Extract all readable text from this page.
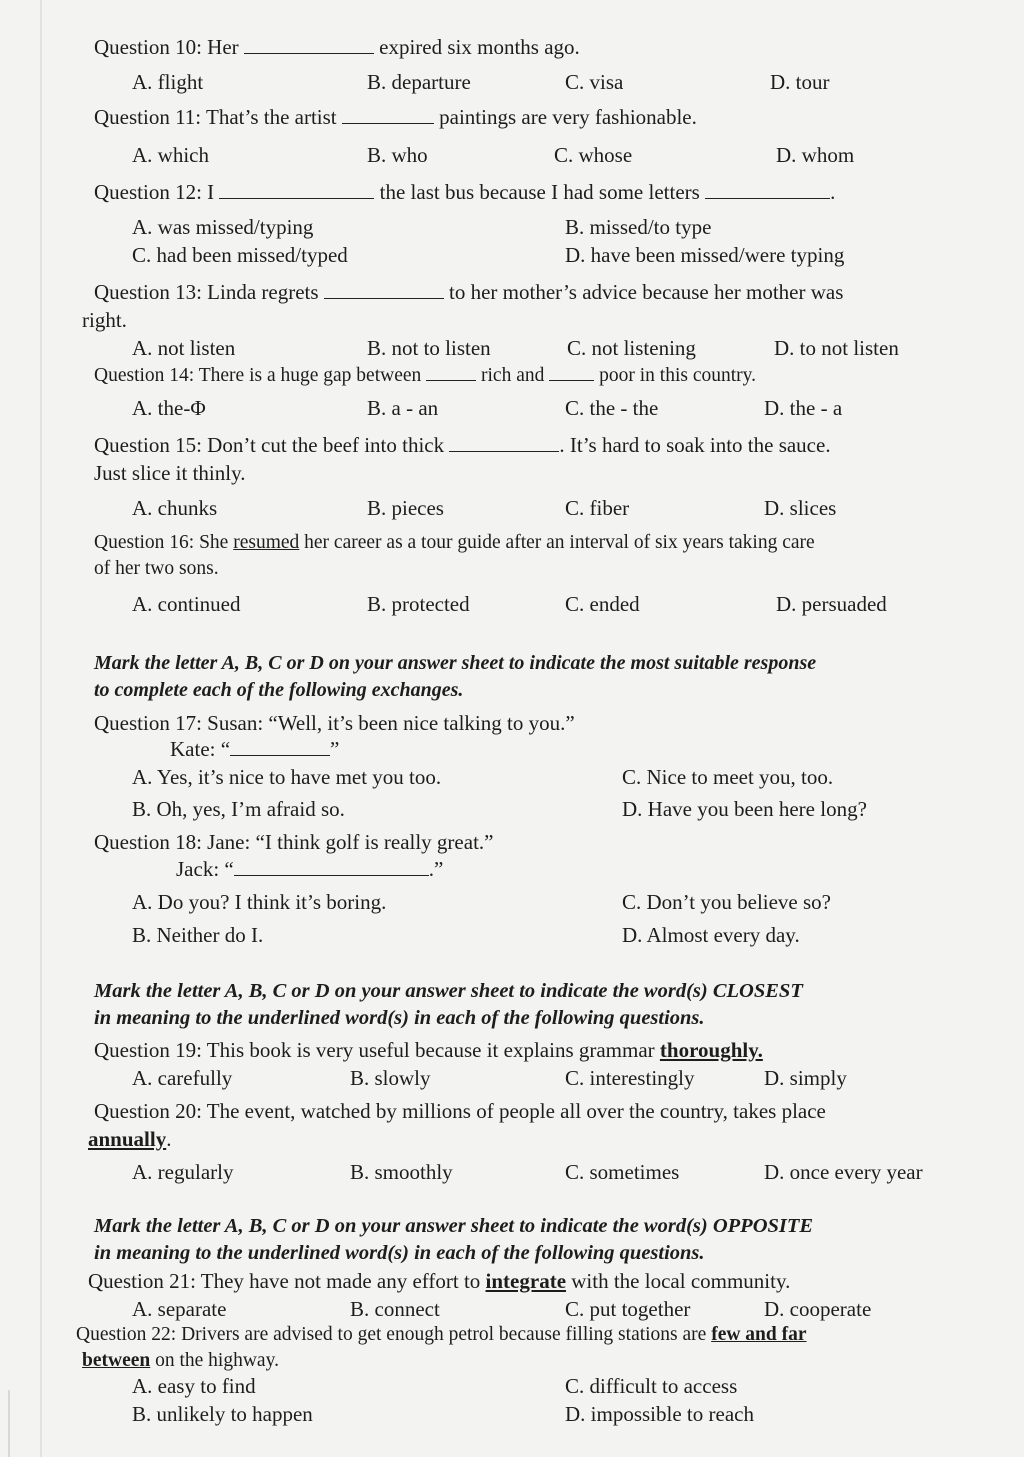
Question 10: Her	expired six months ago.
A. flight	B. departure	C. visa	D. tour
Question 11: That’s the artist	paintings are very fashionable.
A. which	B. who	C. whose	D. whom
Question 12: I	the last bus because I had some letters	.
A. was missed/typing	B. missed/to type
C. had been missed/typed	D. have been missed/were typing
Question 13: Linda regrets	to her mother’s advice because her mother was
right.
A. not listen	B. not to listen	C. not listening	D. to not listen
Question 14: There is a huge gap between	rich and  poor in this country.
A. the-Φ	B. a - an	C. the - the	D. the - a
Question 15: Don’t cut the beef into thick	. It’s hard to soak into the sauce.
Just slice it thinly.
A. chunks	B. pieces	C. fiber	D. slices
Question 16: She resumed her career as a tour guide after an interval of six years taking care
of her two sons.
A. continued	B. protected	C. ended	D. persuaded
Mark the letter A, B, C or D on your answer sheet to indicate the most suitable response
to complete each of the following exchanges.
Question 17: Susan: “Well, it’s been nice talking to you.”
Kate: “	”
A. Yes, it’s nice to have met you too.	C. Nice to meet you, too.
B. Oh, yes, I’m afraid so.	D. Have you been here long?
Question 18: Jane: “I think golf is really great.”
Jack: “	.”
A. Do you? I think it’s boring.	C. Don’t you believe so?
B. Neither do I.	D. Almost every day.
Mark the letter A, B, C or D on your answer sheet to indicate the word(s) CLOSEST
in meaning to the underlined word(s) in each of the following questions.
Question 19: This book is very useful because it explains grammar thoroughly.
A. carefully	B. slowly	C. interestingly	D. simply
Question 20: The event, watched by millions of people all over the country, takes place
annually.
A. regularly	B. smoothly	C. sometimes	D. once every year
Mark the letter A, B, C or D on your answer sheet to indicate the word(s) OPPOSITE
in meaning to the underlined word(s) in each of the following questions.
Question 21: They have not made any effort to integrate with the local community.
A. separate	B. connect	C. put together	D. cooperate
Question 22: Drivers are advised to get enough petrol because filling stations are few and far
between on the highway.
A. easy to find	C. difficult to access
B. unlikely to happen	D. impossible to reach
